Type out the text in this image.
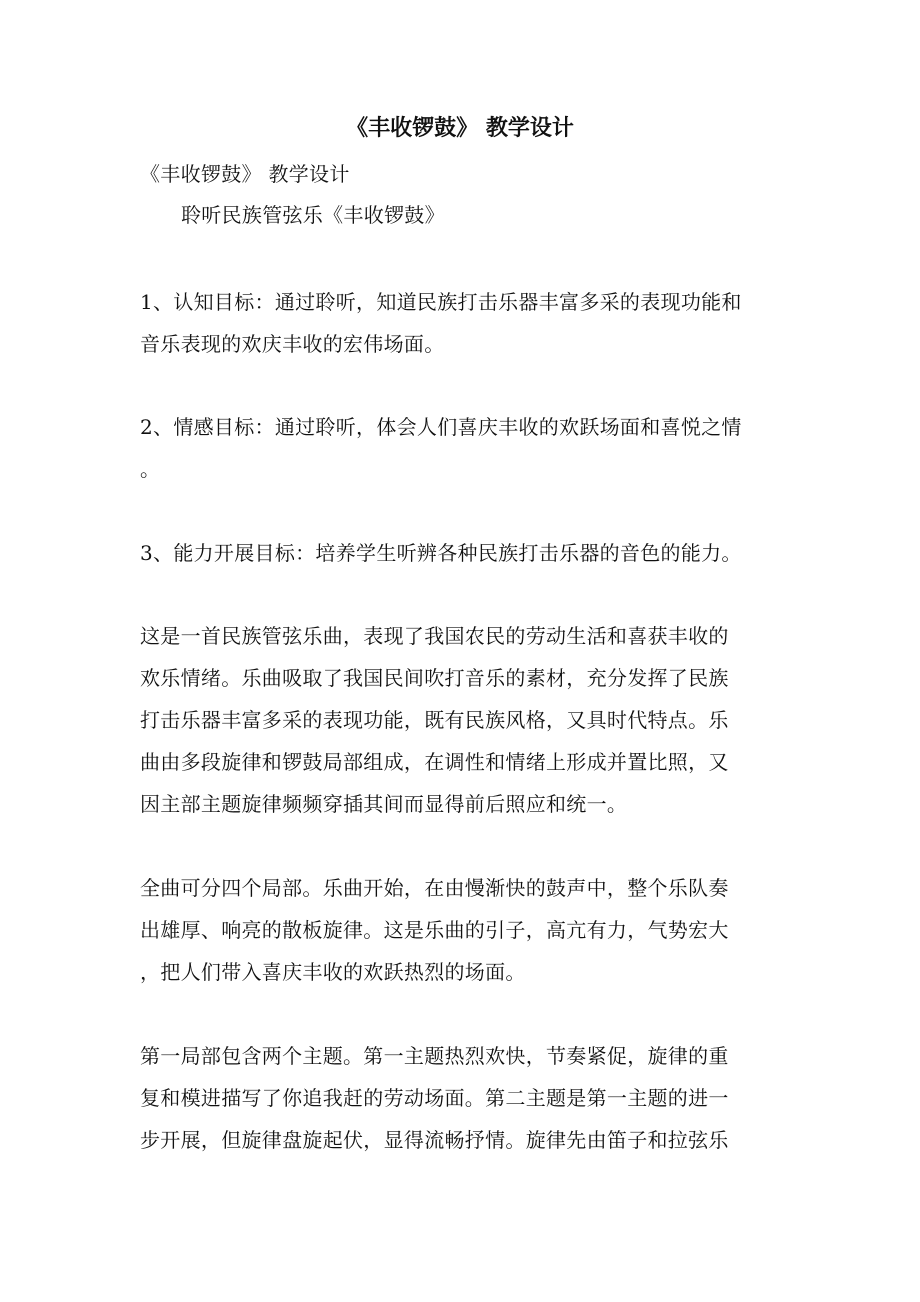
《丰收锣鼓》 教学设计
《丰收锣鼓》 教学设计
聆听民族管弦乐《丰收锣鼓》
1、认知目标：通过聆听，知道民族打击乐器丰富多采的表现功能和
音乐表现的欢庆丰收的宏伟场面。
2、情感目标：通过聆听，体会人们喜庆丰收的欢跃场面和喜悦之情
。
3、能力开展目标：培养学生听辨各种民族打击乐器的音色的能力。
这是一首民族管弦乐曲，表现了我国农民的劳动生活和喜获丰收的
欢乐情绪。乐曲吸取了我国民间吹打音乐的素材，充分发挥了民族
打击乐器丰富多采的表现功能，既有民族风格，又具时代特点。乐
曲由多段旋律和锣鼓局部组成，在调性和情绪上形成并置比照，又
因主部主题旋律频频穿插其间而显得前后照应和统一。
全曲可分四个局部。乐曲开始，在由慢渐快的鼓声中，整个乐队奏
出雄厚、响亮的散板旋律。这是乐曲的引子，高亢有力，气势宏大
，把人们带入喜庆丰收的欢跃热烈的场面。
第一局部包含两个主题。第一主题热烈欢快，节奏紧促，旋律的重
复和模进描写了你追我赶的劳动场面。第二主题是第一主题的进一
步开展，但旋律盘旋起伏，显得流畅抒情。旋律先由笛子和拉弦乐
